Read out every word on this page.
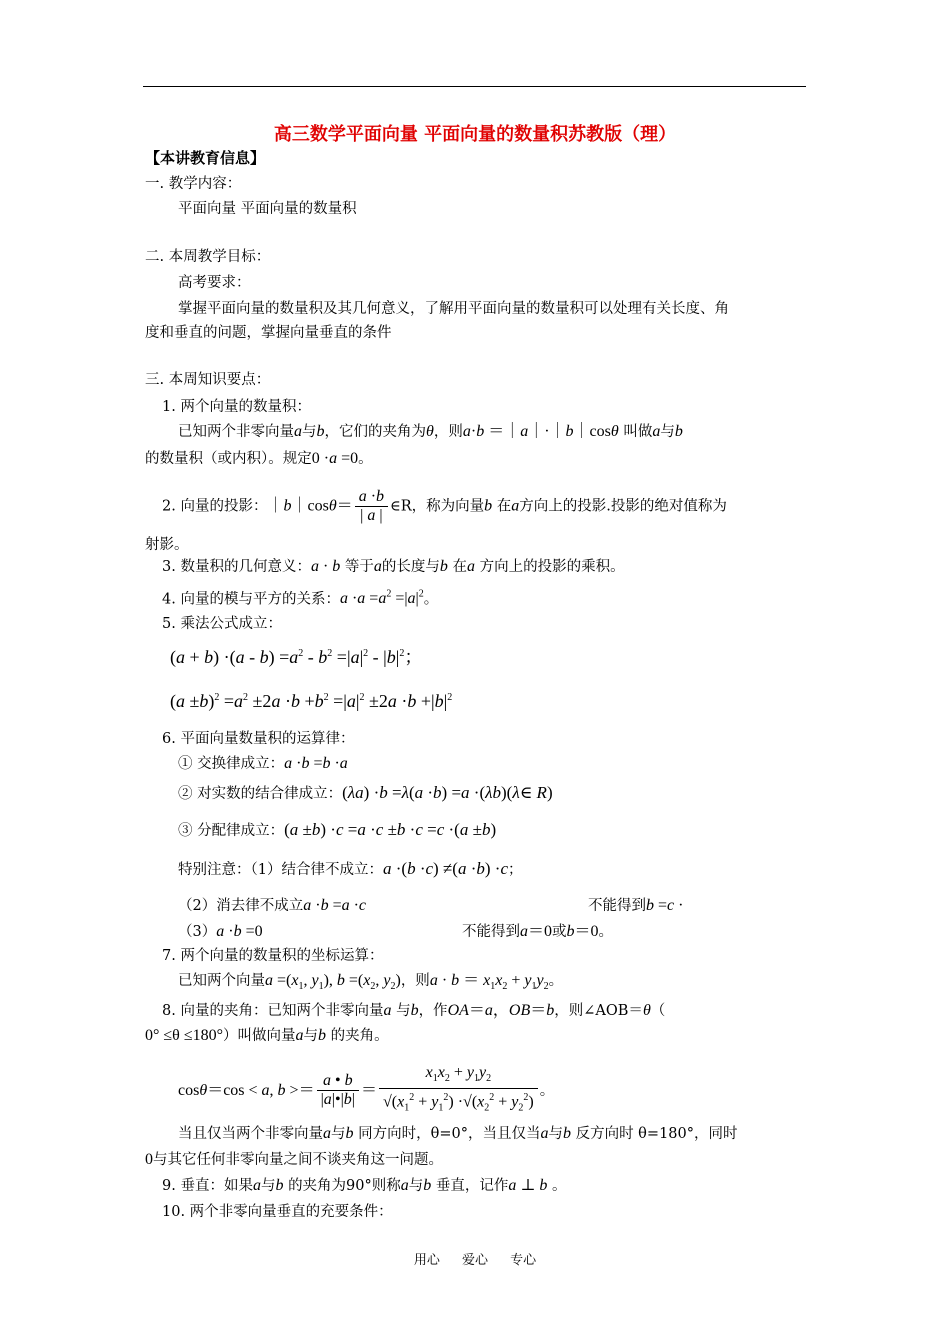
高三数学平面向量 平面向量的数量积苏教版（理）
【本讲教育信息】
一. 教学内容：
平面向量 平面向量的数量积
二. 本周教学目标：
高考要求：
掌握平面向量的数量积及其几何意义，了解用平面向量的数量积可以处理有关长度、角
度和垂直的问题，掌握向量垂直的条件
三. 本周知识要点：
1. 两个向量的数量积：
已知两个非零向量a与b，它们的夹角为θ，则a·b ＝｜a｜·｜b｜cosθ 叫做a与b
的数量积（或内积）。规定0 ·a =0。
2. 向量的投影：｜b｜cosθ＝ $\frac{a \cdot b}{| a |}$ ∈R，称为向量b 在a方向上的投影.投影的绝对值称为
射影。
3. 数量积的几何意义：a · b 等于a的长度与b 在a 方向上的投影的乘积。
4. 向量的模与平方的关系：$a \cdot a =a^2 =|a|^2$。
5. 乘法公式成立：
$(a + b) \cdot(a - b) =a^2 - b^2 =|a|^2 - |b|^2$；
$(a \pm b)^2 =a^2 \pm 2a \cdot b +b^2 =|a|^2 \pm 2a \cdot b +|b|^2$
6. 平面向量数量积的运算律：
① 交换律成立：a ·b =b ·a
② 对实数的结合律成立：(λa) ·b =λ(a ·b) =a ·(λb)(λ∈ R)
③ 分配律成立：(a ±b) ·c =a ·c ±b ·c =c ·(a ±b)
特别注意：（1）结合律不成立：a ·(b ·c) ≠(a ·b) ·c；
（2）消去律不成立a ·b =a ·c	不能得到b =c ·
（3）a ·b =0	不能得到a＝0或b＝0。
7. 两个向量的数量积的坐标运算：
已知两个向量$a =(x_1$, $y_1$), $b =(x_2$, $y_2$)，则$a \cdot b = x_1x_2 + y_1y_2$。
8. 向量的夹角：已知两个非零向量a 与b，作OA＝a，OB＝b，则∠AOB＝θ（
0° ≤θ ≤180°）叫做向量a与b 的夹角。
cosθ＝cos < a, $b >= \frac{a • b}{|a|•|b|} = \frac{x_1x_2 + y_1y_2}{√(x_1^2 + y_1^2) \cdot√(x_2^2 + y_2^2)}$ 。
当且仅当两个非零向量a与b 同方向时，θ=0°，当且仅当a与b 反方向时 θ=180°，同时
0与其它任何非零向量之间不谈夹角这一问题。
9. 垂直：如果a与b 的夹角为90°则称a与b 垂直，记作a ⊥ b 。
10. 两个非零向量垂直的充要条件：
用心 爱心 专心
